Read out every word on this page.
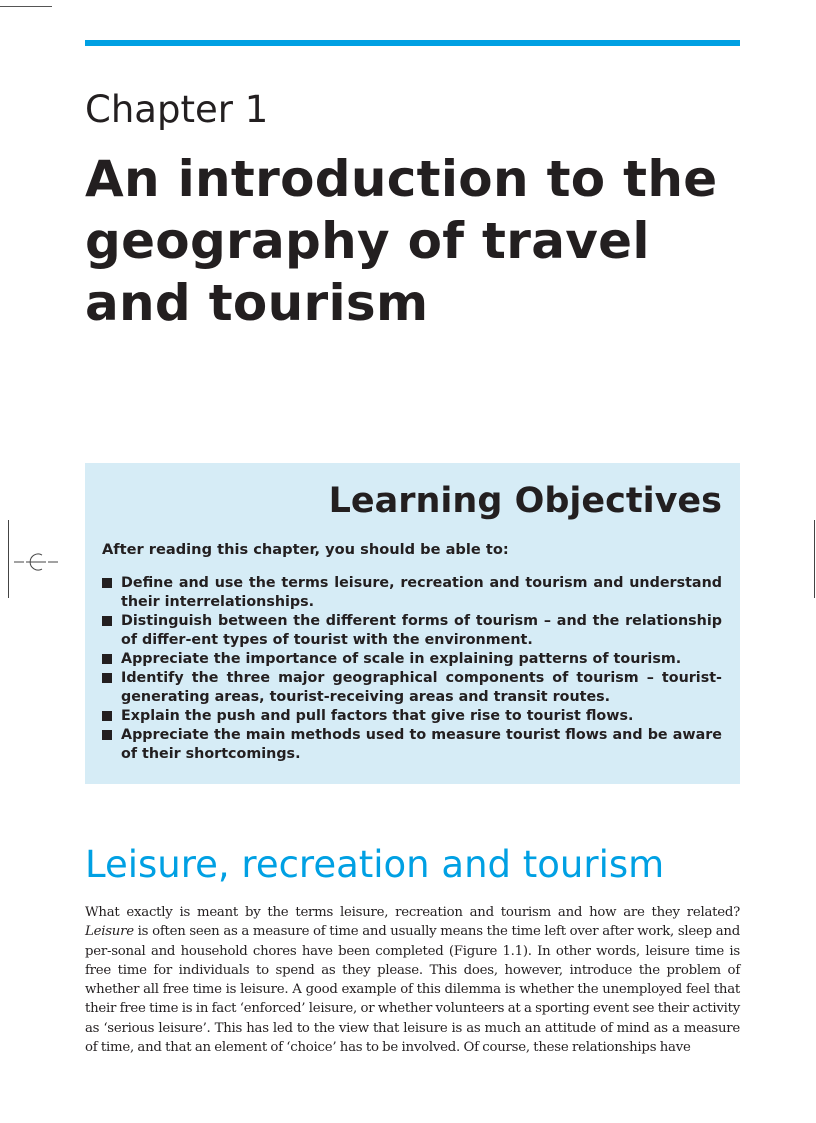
Chapter 1
An introduction to the geography of travel and tourism
Learning Objectives
After reading this chapter, you should be able to:
Define and use the terms leisure, recreation and tourism and understand their interrelationships.
Distinguish between the different forms of tourism – and the relationship of differ-ent types of tourist with the environment.
Appreciate the importance of scale in explaining patterns of tourism.
Identify the three major geographical components of tourism – tourist-generating areas, tourist-receiving areas and transit routes.
Explain the push and pull factors that give rise to tourist flows.
Appreciate the main methods used to measure tourist flows and be aware of their shortcomings.
Leisure, recreation and tourism

What exactly is meant by the terms leisure, recreation and tourism and how are they related? Leisure is often seen as a measure of time and usually means the time left over after work, sleep and per-sonal and household chores have been completed (Figure 1.1). In other words, leisure time is free time for individuals to spend as they please. This does, however, introduce the problem of whether all free time is leisure. A good example of this dilemma is whether the unemployed feel that their free time is in fact ‘enforced’ leisure, or whether volunteers at a sporting event see their activity as ‘serious leisure’. This has led to the view that leisure is as much an attitude of mind as a measure of time, and that an element of ‘choice’ has to be involved. Of course, these relationships have
